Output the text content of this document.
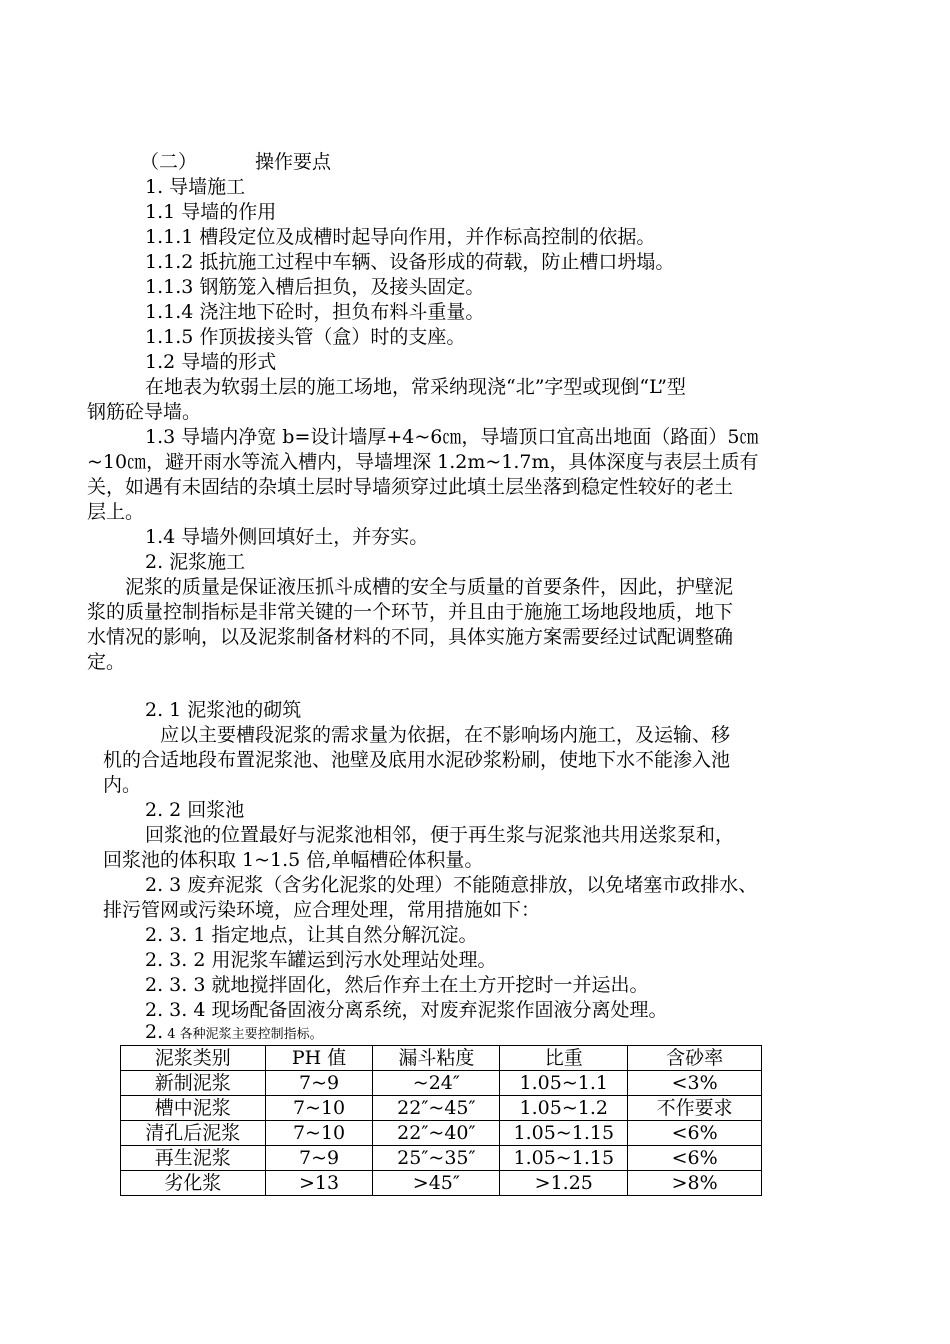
（二）	操作要点
1. 导墙施工
1.1 导墙的作用
1.1.1 槽段定位及成槽时起导向作用，并作标高控制的依据。
1.1.2 抵抗施工过程中车辆、设备形成的荷载，防止槽口坍塌。
1.1.3 钢筋笼入槽后担负，及接头固定。
1.1.4 浇注地下砼时，担负布料斗重量。
1.1.5 作顶拔接头管（盒）时的支座。
1.2 导墙的形式
在地表为软弱土层的施工场地，常采纳现浇“北”字型或现倒“L”型
钢筋砼导墙。
1.3 导墙内净宽 b=设计墙厚+4~6㎝，导墙顶口宜高出地面（路面）5㎝
~10㎝，避开雨水等流入槽内，导墙埋深 1.2m~1.7m，具体深度与表层土质有
关，如遇有未固结的杂填土层时导墙须穿过此填土层坐落到稳定性较好的老土
层上。
1.4 导墙外侧回填好土，并夯实。
2. 泥浆施工
泥浆的质量是保证液压抓斗成槽的安全与质量的首要条件，因此，护壁泥
浆的质量控制指标是非常关键的一个环节，并且由于施施工场地段地质，地下
水情况的影响，以及泥浆制备材料的不同，具体实施方案需要经过试配调整确
定。
2. 1 泥浆池的砌筑
应以主要槽段泥浆的需求量为依据，在不影响场内施工，及运输、移
机的合适地段布置泥浆池、池壁及底用水泥砂浆粉刷，使地下水不能渗入池
内。
2. 2 回浆池
回浆池的位置最好与泥浆池相邻，便于再生浆与泥浆池共用送浆泵和，
回浆池的体积取 1~1.5 倍,单幅槽砼体积量。
2. 3 废弃泥浆（含劣化泥浆的处理）不能随意排放，以免堵塞市政排水、
排污管网或污染环境，应合理处理，常用措施如下：
2. 3. 1 指定地点，让其自然分解沉淀。
2. 3. 2 用泥浆车罐运到污水处理站处理。
2. 3. 3 就地搅拌固化，然后作弃土在土方开挖时一并运出。
2. 3. 4 现场配备固液分离系统，对废弃泥浆作固液分离处理。
2. 4 各种泥浆主要控制指标。
泥浆类别	PH 值	漏斗粘度	比重	含砂率
新制泥浆	7~9	~24″	1.05~1.1	<3%
槽中泥浆	7~10	22″~45″	1.05~1.2	不作要求
清孔后泥浆	7~10	22″~40″	1.05~1.15	<6%
再生泥浆	7~9	25″~35″	1.05~1.15	<6%
劣化浆	>13	>45″	>1.25	>8%
